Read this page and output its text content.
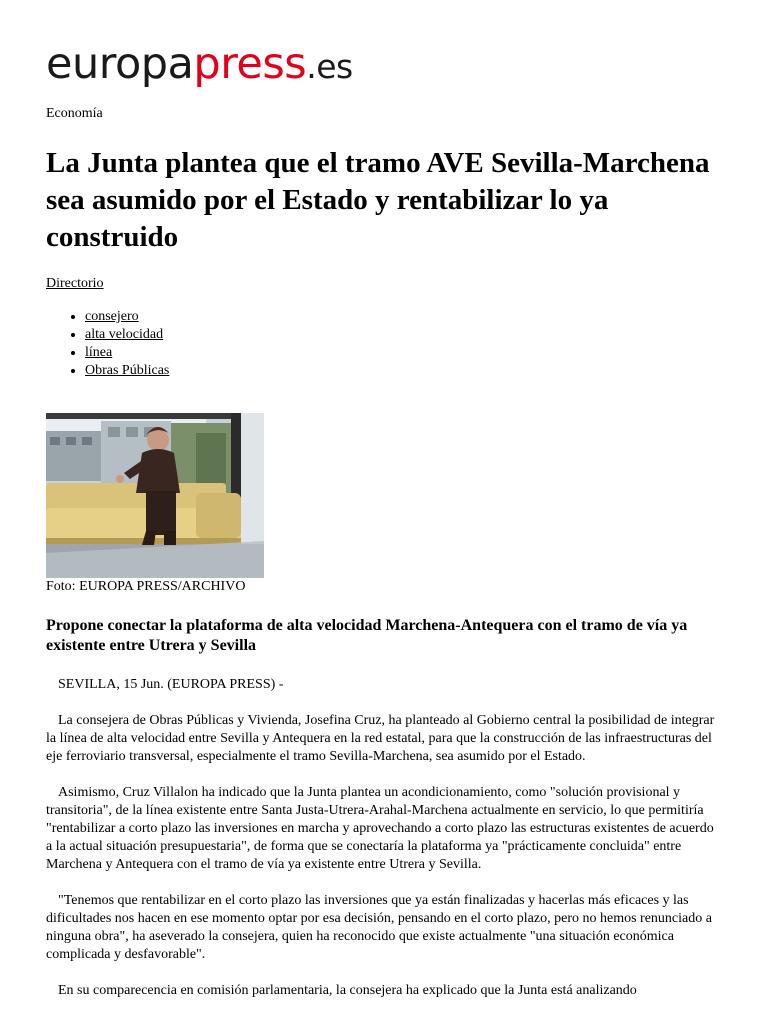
europapress.es
Economía
La Junta plantea que el tramo AVE Sevilla-Marchena sea asumido por el Estado y rentabilizar lo ya construido
Directorio
• consejero
• alta velocidad
• línea
• Obras Públicas
Foto: EUROPA PRESS/ARCHIVO
Propone conectar la plataforma de alta velocidad Marchena-Antequera con el tramo de vía ya existente entre Utrera y Sevilla

SEVILLA, 15 Jun. (EUROPA PRESS) -

La consejera de Obras Públicas y Vivienda, Josefina Cruz, ha planteado al Gobierno central la posibilidad de integrar la línea de alta velocidad entre Sevilla y Antequera en la red estatal, para que la construcción de las infraestructuras del eje ferroviario transversal, especialmente el tramo Sevilla-Marchena, sea asumido por el Estado.

Asimismo, Cruz Villalon ha indicado que la Junta plantea un acondicionamiento, como "solución provisional y transitoria", de la línea existente entre Santa Justa-Utrera-Arahal-Marchena actualmente en servicio, lo que permitiría "rentabilizar a corto plazo las inversiones en marcha y aprovechando a corto plazo las estructuras existentes de acuerdo a la actual situación presupuestaria", de forma que se conectaría la plataforma ya "prácticamente concluida" entre Marchena y Antequera con el tramo de vía ya existente entre Utrera y Sevilla.

"Tenemos que rentabilizar en el corto plazo las inversiones que ya están finalizadas y hacerlas más eficaces y las dificultades nos hacen en ese momento optar por esa decisión, pensando en el corto plazo, pero no hemos renunciado a ninguna obra", ha aseverado la consejera, quien ha reconocido que existe actualmente "una situación económica complicada y desfavorable".

En su comparecencia en comisión parlamentaria, la consejera ha explicado que la Junta está analizando
